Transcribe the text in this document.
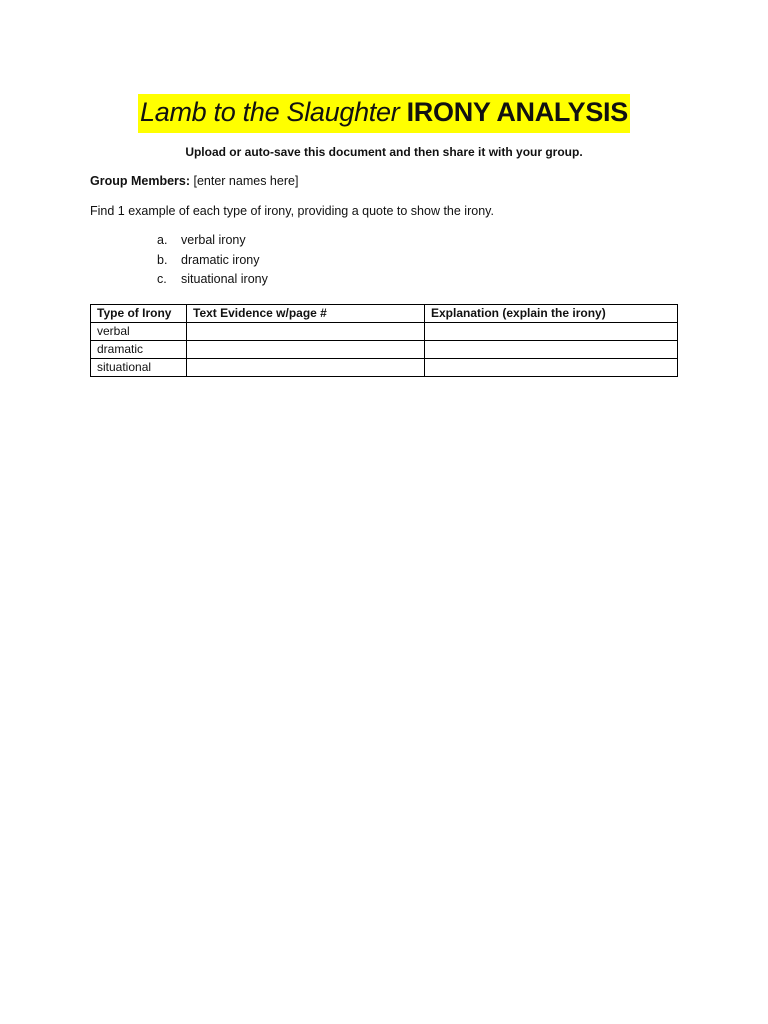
Lamb to the Slaughter IRONY ANALYSIS
Upload or auto-save this document and then share it with your group.
Group Members: [enter names here]
Find 1 example of each type of irony, providing a quote to show the irony.
a.	verbal irony
b.	dramatic irony
c.	situational irony
Type of Irony	Text Evidence w/page #	Explanation (explain the irony)
verbal		
dramatic		
situational		
